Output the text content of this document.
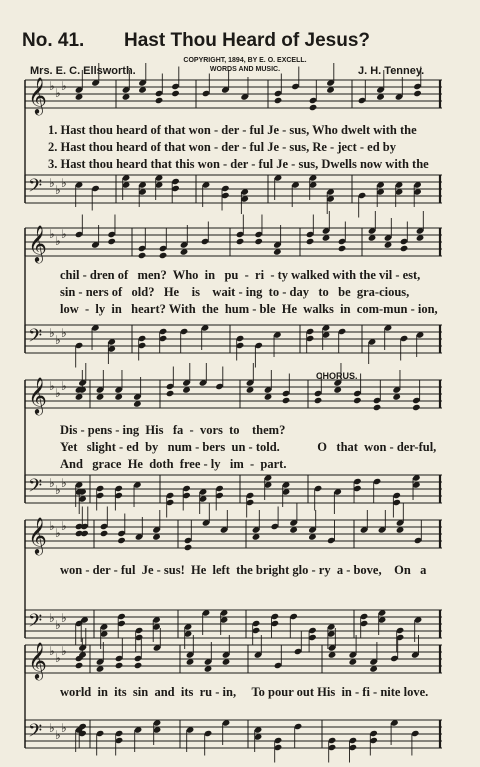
No. 41. Hast Thou Heard of Jesus?
COPYRIGHT, 1894, BY E. O. EXCELL.
WORDS AND MUSIC.
Mrs. E. C. Ellsworth.	J. H. Tenney.
𝄞 ♭ ♭ ♭
𝄢 ♭ ♭ ♭
𝄞 ♭ ♭ ♭
𝄢 ♭ ♭ ♭
𝄞 ♭ ♭ ♭
𝄢 ♭ ♭ ♭
𝄞 ♭ ♭ ♭
𝄢 ♭ ♭ ♭
𝄞 ♭ ♭ ♭
𝄢 ♭ ♭ ♭
CHORUS.
1. Hast thou heard of that won - der - ful Je - sus, Who dwelt with the
2. Hast thou heard of that won - der - ful Je - sus, Re - ject - ed by
3. Hast thou heard that this won - der - ful Je - sus, Dwells now with the
chil - dren of   men?  Who  in   pu  -  ri  - ty walked with the vil - est,
sin - ners of   old?   He    is    wait - ing  to - day   to   be  gra-cious,
low  -  ly  in   heart? With  the  hum - ble  He  walks  in  com-mun - ion,
Dis - pens - ing  His   fa  -  vors  to    them?
Yet   slight - ed  by   num - bers  un - told.            O   that  won - der-ful,
And   grace  He  doth  free - ly   im  -  part.
won - der - ful  Je - sus!  He  left  the bright glo - ry  a - bove,    On   a
world  in  its  sin  and  its  ru - in,     To pour out His  in - fi - nite love.
